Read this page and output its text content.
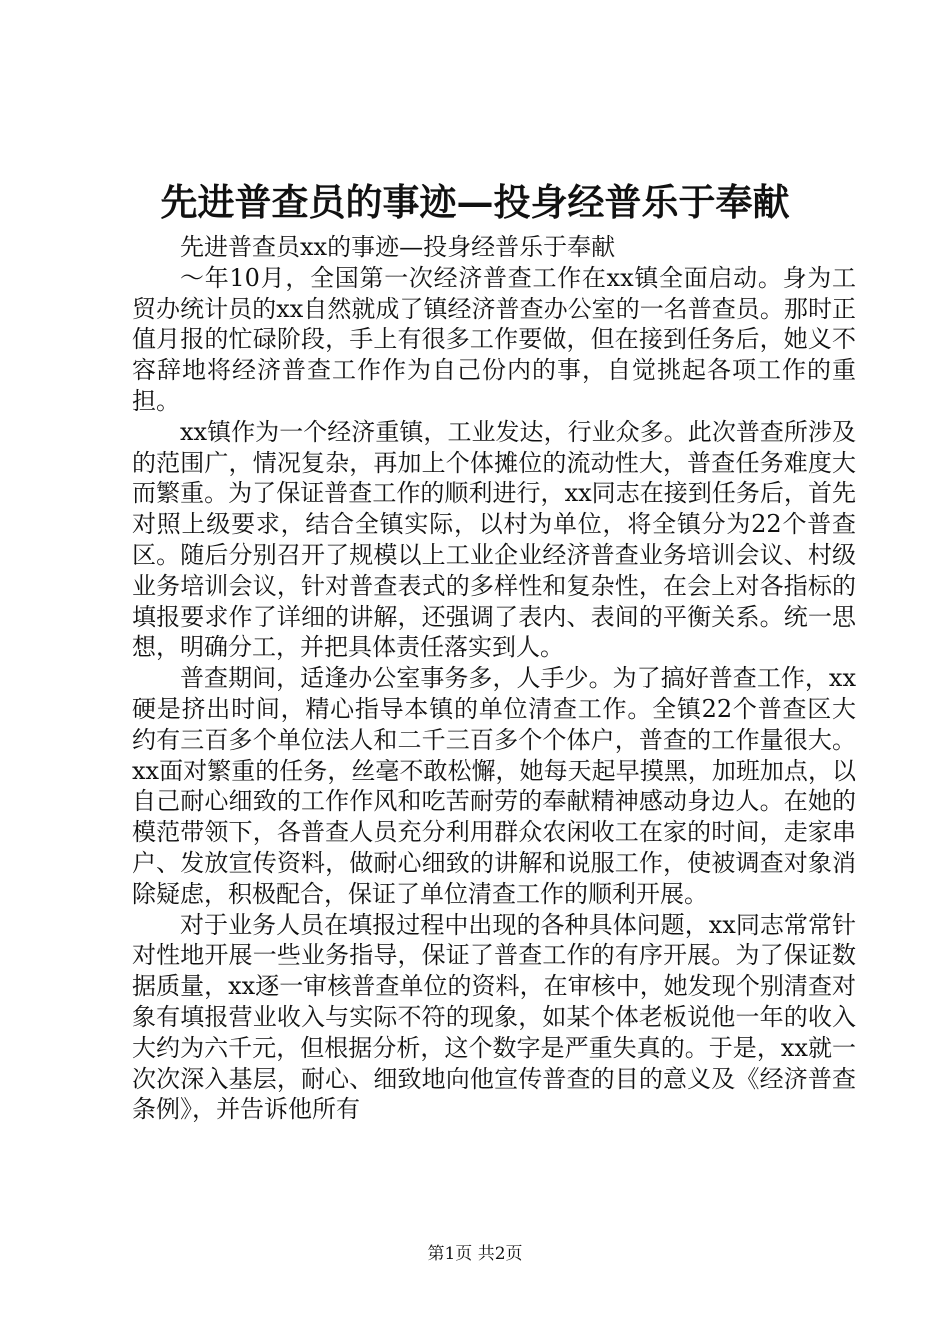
先进普查员的事迹—投身经普乐于奉献

先进普查员xx的事迹—投身经普乐于奉献

～年10月，全国第一次经济普查工作在xx镇全面启动。身为工贸办统计员的xx自然就成了镇经济普查办公室的一名普查员。那时正值月报的忙碌阶段，手上有很多工作要做，但在接到任务后，她义不容辞地将经济普查工作作为自己份内的事，自觉挑起各项工作的重担。

xx镇作为一个经济重镇，工业发达，行业众多。此次普查所涉及的范围广，情况复杂，再加上个体摊位的流动性大，普查任务难度大而繁重。为了保证普查工作的顺利进行，xx同志在接到任务后，首先对照上级要求，结合全镇实际，以村为单位，将全镇分为22个普查区。随后分别召开了规模以上工业企业经济普查业务培训会议、村级业务培训会议，针对普查表式的多样性和复杂性，在会上对各指标的填报要求作了详细的讲解，还强调了表内、表间的平衡关系。统一思想，明确分工，并把具体责任落实到人。

普查期间，适逢办公室事务多，人手少。为了搞好普查工作，xx硬是挤出时间，精心指导本镇的单位清查工作。全镇22个普查区大约有三百多个单位法人和二千三百多个个体户，普查的工作量很大。xx面对繁重的任务，丝毫不敢松懈，她每天起早摸黑，加班加点，以自己耐心细致的工作作风和吃苦耐劳的奉献精神感动身边人。在她的模范带领下，各普查人员充分利用群众农闲收工在家的时间，走家串户、发放宣传资料，做耐心细致的讲解和说服工作，使被调查对象消除疑虑，积极配合，保证了单位清查工作的顺利开展。

对于业务人员在填报过程中出现的各种具体问题，xx同志常常针对性地开展一些业务指导，保证了普查工作的有序开展。为了保证数据质量，xx逐一审核普查单位的资料，在审核中，她发现个别清查对象有填报营业收入与实际不符的现象，如某个体老板说他一年的收入大约为六千元，但根据分析，这个数字是严重失真的。于是，xx就一次次深入基层，耐心、细致地向他宣传普查的目的意义及《经济普查条例》，并告诉他所有

第1页 共2页
